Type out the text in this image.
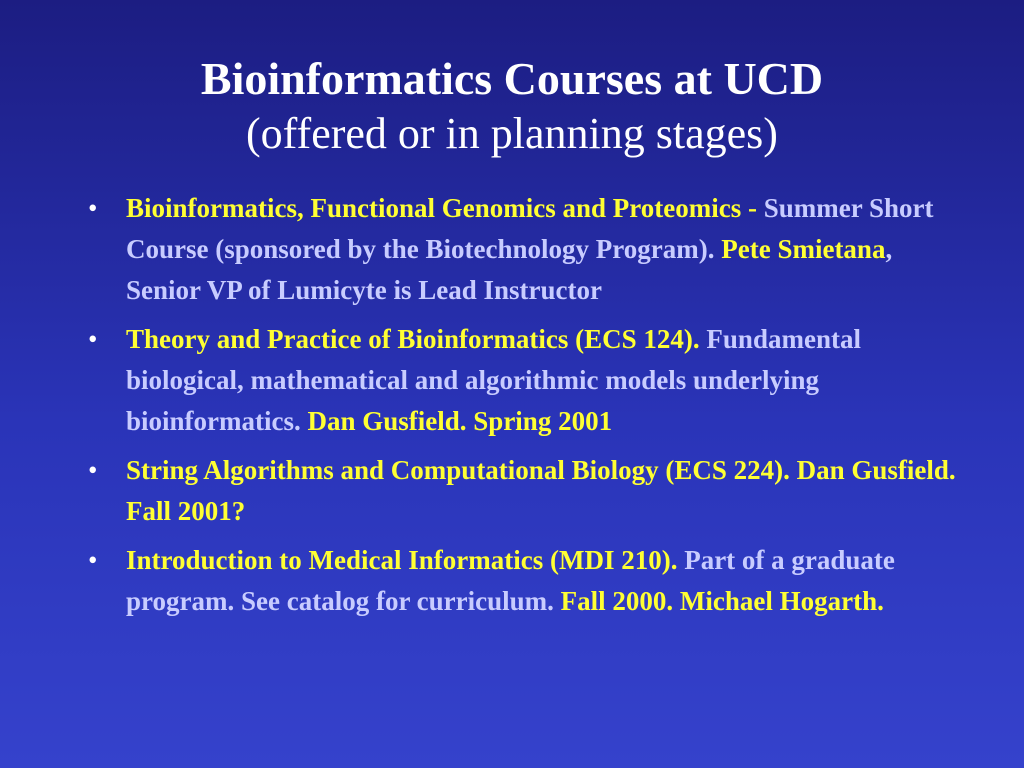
Bioinformatics Courses at UCD
(offered or in planning stages)
• Bioinformatics, Functional Genomics and Proteomics - Summer Short Course (sponsored by the Biotechnology Program). Pete Smietana, Senior VP of Lumicyte is Lead Instructor
• Theory and Practice of Bioinformatics (ECS 124). Fundamental biological, mathematical and algorithmic models underlying bioinformatics. Dan Gusfield. Spring 2001
• String Algorithms and Computational Biology (ECS 224). Dan Gusfield.   Fall 2001?
• Introduction to Medical Informatics (MDI 210). Part of a graduate program. See catalog for curriculum. Fall 2000. Michael Hogarth.
